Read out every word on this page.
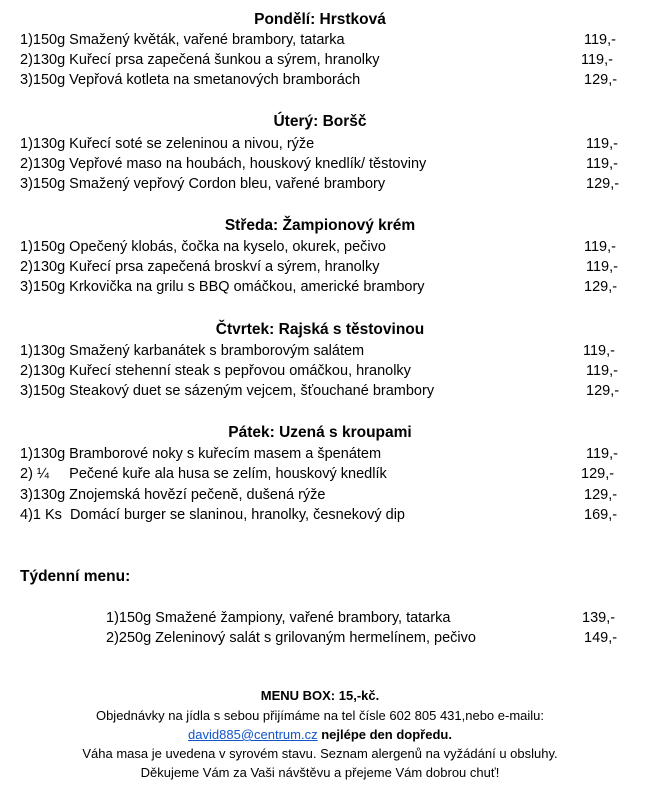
Pondělí: Hrstková
1)150g Smažený květák, vařené brambory, tatarka	119,-
2)130g Kuřecí prsa zapečená šunkou a sýrem, hranolky	119,-
3)150g Vepřová kotleta na smetanových bramborách	129,-
Úterý: Boršč
1)130g Kuřecí soté se zeleninou a nivou, rýže	119,-
2)130g Vepřové maso na houbách, houskový knedlík/ těstoviny	119,-
3)150g Smažený vepřový Cordon bleu, vařené brambory	129,-
Středa: Žampionový krém
1)150g Opečený klobás, čočka na kyselo, okurek, pečivo	119,-
2)130g Kuřecí prsa zapečená broskví a sýrem, hranolky	119,-
3)150g Krkovička na grilu s BBQ omáčkou, americké brambory	129,-
Čtvrtek: Rajská s těstovinou
1)130g Smažený karbanátek s bramborovým salátem	119,-
2)130g Kuřecí stehenní steak s pepřovou omáčkou, hranolky	119,-
3)150g Steakový duet se sázeným vejcem, šťouchané brambory	129,-
Pátek: Uzená s kroupami
1)130g Bramborové noky s kuřecím masem a špenátem	119,-
2) ¼     Pečené kuře ala husa se zelím, houskový knedlík	129,-
3)130g Znojemská hovězí pečeně, dušená rýže	129,-
4)1 Ks  Domácí burger se slaninou, hranolky, česnekový dip	169,-
Týdenní menu:
1)150g Smažené žampiony, vařené brambory, tatarka	139,-
2)250g Zeleninový salát s grilovaným hermelínem, pečivo	149,-
MENU BOX: 15,-kč.
Objednávky na jídla s sebou přijímáme na tel čísle 602 805 431,nebo e-mailu:
david885@centrum.cz nejlépe den dopředu.
Váha masa je uvedena v syrovém stavu. Seznam alergenů na vyžádání u obsluhy.
Děkujeme Vám za Vaši návštěvu a přejeme Vám dobrou chuť!
